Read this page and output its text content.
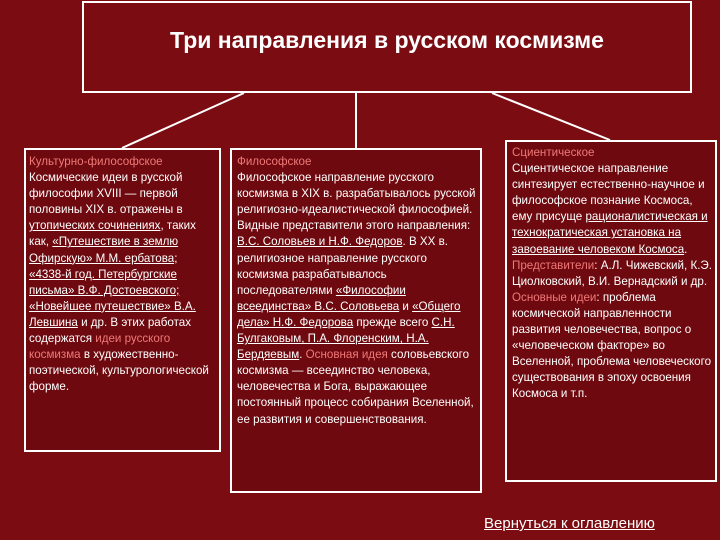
Три направления в русском космизме
Культурно-философское
Космические идеи в русской философии XVIII — первой половины XIX в. отражены в утопических сочинениях, таких как, «Путешествие в землю Офирскую» М.М. ербатова; «4338-й год. Петербургские письма» В.Ф. Достоевского; «Новейшее путешествие» В.А. Левшина и др. В этих работах содержатся идеи русского космизма в художественно-поэтической, культурологической форме.
Философское
Философское направление русского космизма в XIX в. разрабатывалось русской религиозно-идеалистической философией. Видные представители этого направления: В.С. Соловьев и Н.Ф. Федоров. В XX в. религиозное направление русского космизма разрабатывалось последователями «Философии всеединства» В.С. Соловьева и «Общего дела» Н.Ф. Федорова прежде всего С.Н. Булгаковым, П.А. Флоренским, Н.А. Бердяевым. Основная идея соловьевского космизма — всеединство человека, человечества и Бога, выражающее постоянный процесс собирания Вселенной, ее развития и совершенствования.
Сциентическое
Сциентическое направление синтезирует естественно-научное и философское познание Космоса, ему присуще рационалистическая и технократическая установка на завоевание человеком Космоса. Представители: А.Л. Чижевский, К.Э. Циолковский, В.И. Вернадский и др. Основные идеи: проблема космической направленности развития человечества, вопрос о «человеческом факторе» во Вселенной, проблема человеческого существования в эпоху освоения Космоса и т.п.
Вернуться к оглавлению
